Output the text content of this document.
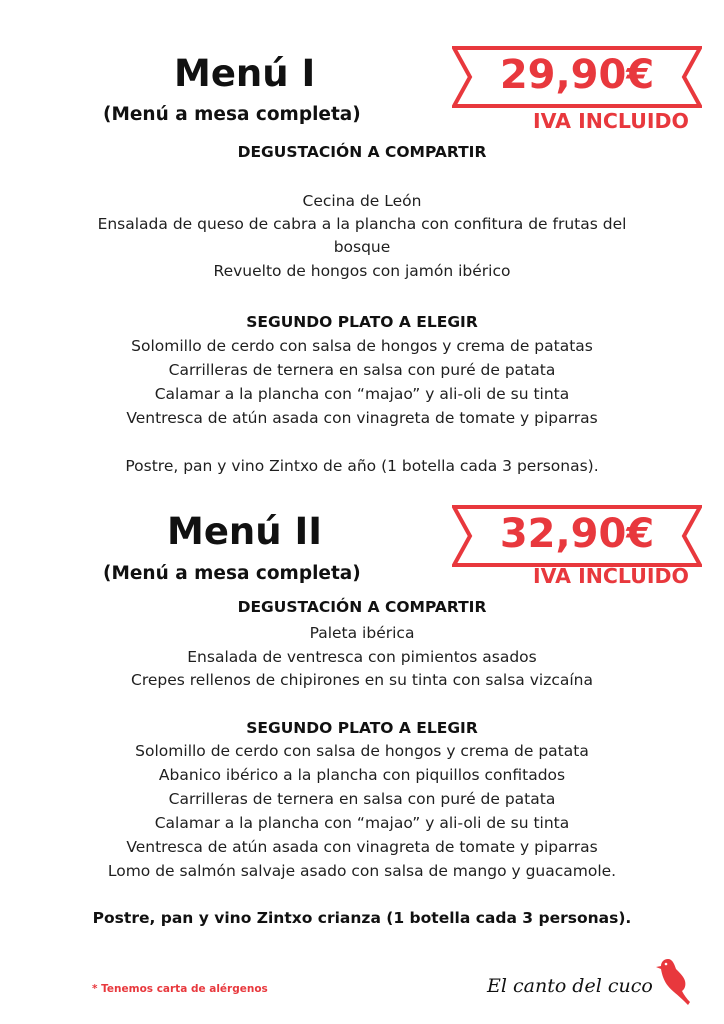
Menú I
(Menú a mesa completa)
29,90€
IVA INCLUIDO
DEGUSTACIÓN A COMPARTIR
Cecina de León
Ensalada de queso de cabra a la plancha con confitura de frutas del
bosque
Revuelto de hongos con jamón ibérico
SEGUNDO PLATO A ELEGIR
Solomillo de cerdo con salsa de hongos y crema de patatas
Carrilleras de ternera en salsa con puré de patata
Calamar a la plancha con “majao” y ali-oli de su tinta
Ventresca de atún asada con vinagreta de tomate y piparras
Postre, pan y vino Zintxo de año (1 botella cada 3 personas).
Menú II
(Menú a mesa completa)
32,90€
IVA INCLUIDO
DEGUSTACIÓN A COMPARTIR
Paleta ibérica
Ensalada de ventresca con pimientos asados
Crepes rellenos de chipirones en su tinta con salsa vizcaína
SEGUNDO PLATO A ELEGIR
Solomillo de cerdo con salsa de hongos y crema de patata
Abanico ibérico a la plancha con piquillos confitados
Carrilleras de ternera en salsa con puré de patata
Calamar a la plancha con “majao” y ali-oli de su tinta
Ventresca de atún asada con vinagreta de tomate y piparras
Lomo de salmón salvaje asado con salsa de mango y guacamole.
Postre, pan y vino Zintxo crianza (1 botella cada 3 personas).
* Tenemos carta de alérgenos	El canto del cuco
